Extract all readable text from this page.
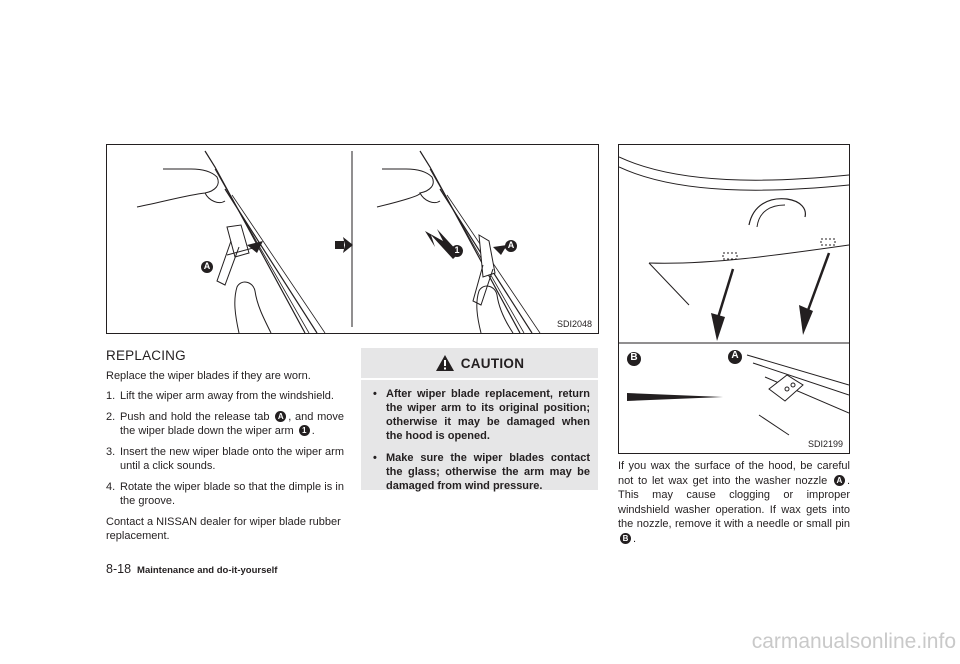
A
1	A
SDI2048
B	A
SDI2199
REPLACING

Replace the wiper blades if they are worn.

1. Lift the wiper arm away from the windshield.
2. Push and hold the release tab A , and move the wiper blade down the wiper arm 1 .
3. Insert the new wiper blade onto the wiper arm until a click sounds.
4. Rotate the wiper blade so that the dimple is in the groove.

Contact a NISSAN dealer for wiper blade rubber replacement.

CAUTION
• After wiper blade replacement, return the wiper arm to its original position; otherwise it may be damaged when the hood is opened.
• Make sure the wiper blades contact the glass; otherwise the arm may be damaged from wind pressure.
If you wax the surface of the hood, be careful not to let wax get into the washer nozzle A . This may cause clogging or improper windshield washer operation. If wax gets into the nozzle, remove it with a needle or small pin B .
8-18 Maintenance and do-it-yourself
carmanualsonline.info
